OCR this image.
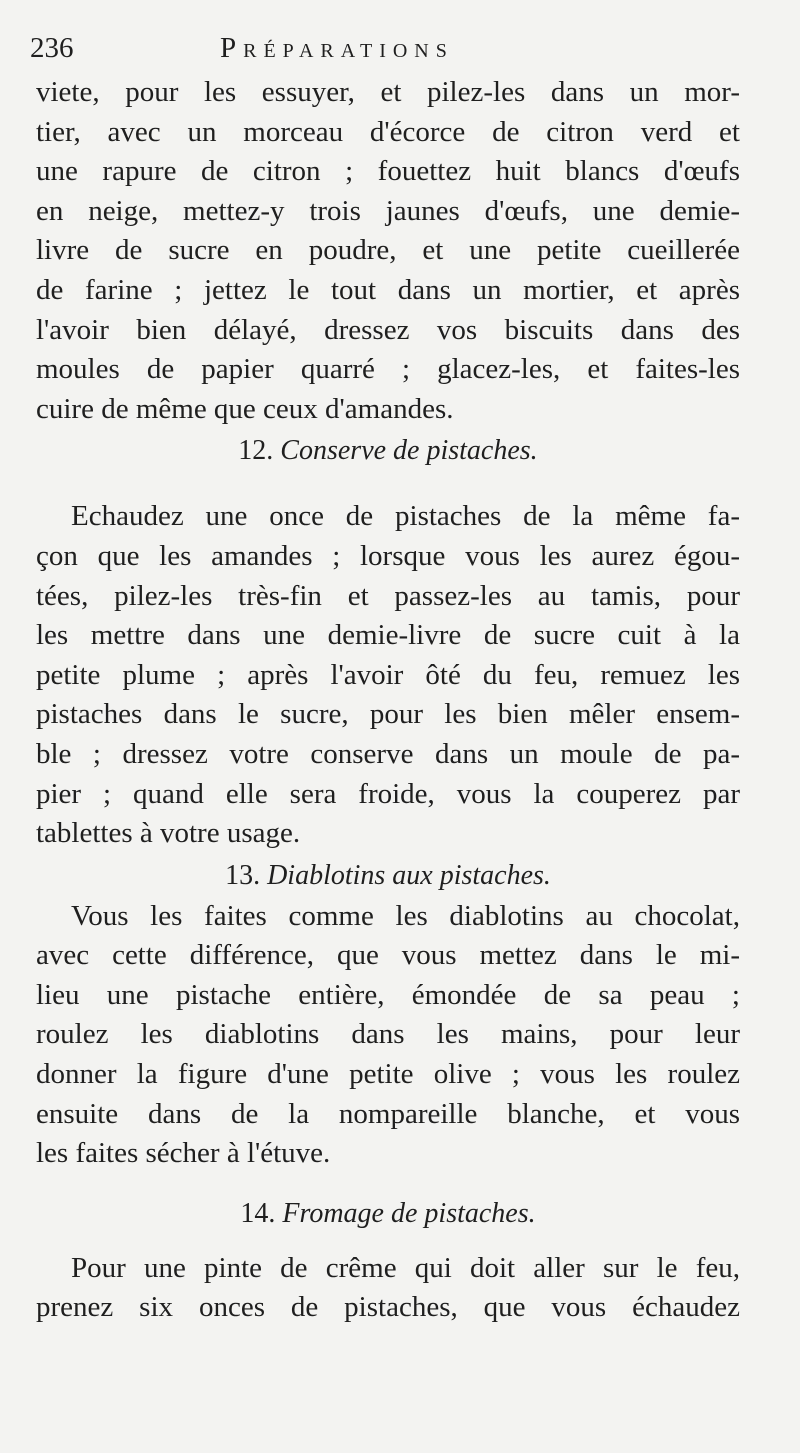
236	Préparations
viete, pour les essuyer, et pilez-les dans un mor-
tier, avec un morceau d'écorce de citron verd et
une rapure de citron ; fouettez huit blancs d'œufs
en neige, mettez-y trois jaunes d'œufs, une demie-
livre de sucre en poudre, et une petite cueillerée
de farine ; jettez le tout dans un mortier, et après
l'avoir bien délayé, dressez vos biscuits dans des
moules de papier quarré ; glacez-les, et faites-les
cuire de même que ceux d'amandes.
12. Conserve de pistaches.
Echaudez une once de pistaches de la même fa-
çon que les amandes ; lorsque vous les aurez égou-
tées, pilez-les très-fin et passez-les au tamis, pour
les mettre dans une demie-livre de sucre cuit à la
petite plume ; après l'avoir ôté du feu, remuez les
pistaches dans le sucre, pour les bien mêler ensem-
ble ; dressez votre conserve dans un moule de pa-
pier ; quand elle sera froide, vous la couperez par
tablettes à votre usage.
13. Diablotins aux pistaches.
Vous les faites comme les diablotins au chocolat,
avec cette différence, que vous mettez dans le mi-
lieu une pistache entière, émondée de sa peau ;
roulez les diablotins dans les mains, pour leur
donner la figure d'une petite olive ; vous les roulez
ensuite dans de la nompareille blanche, et vous
les faites sécher à l'étuve.
14. Fromage de pistaches.
Pour une pinte de crême qui doit aller sur le feu,
prenez six onces de pistaches, que vous échaudez
